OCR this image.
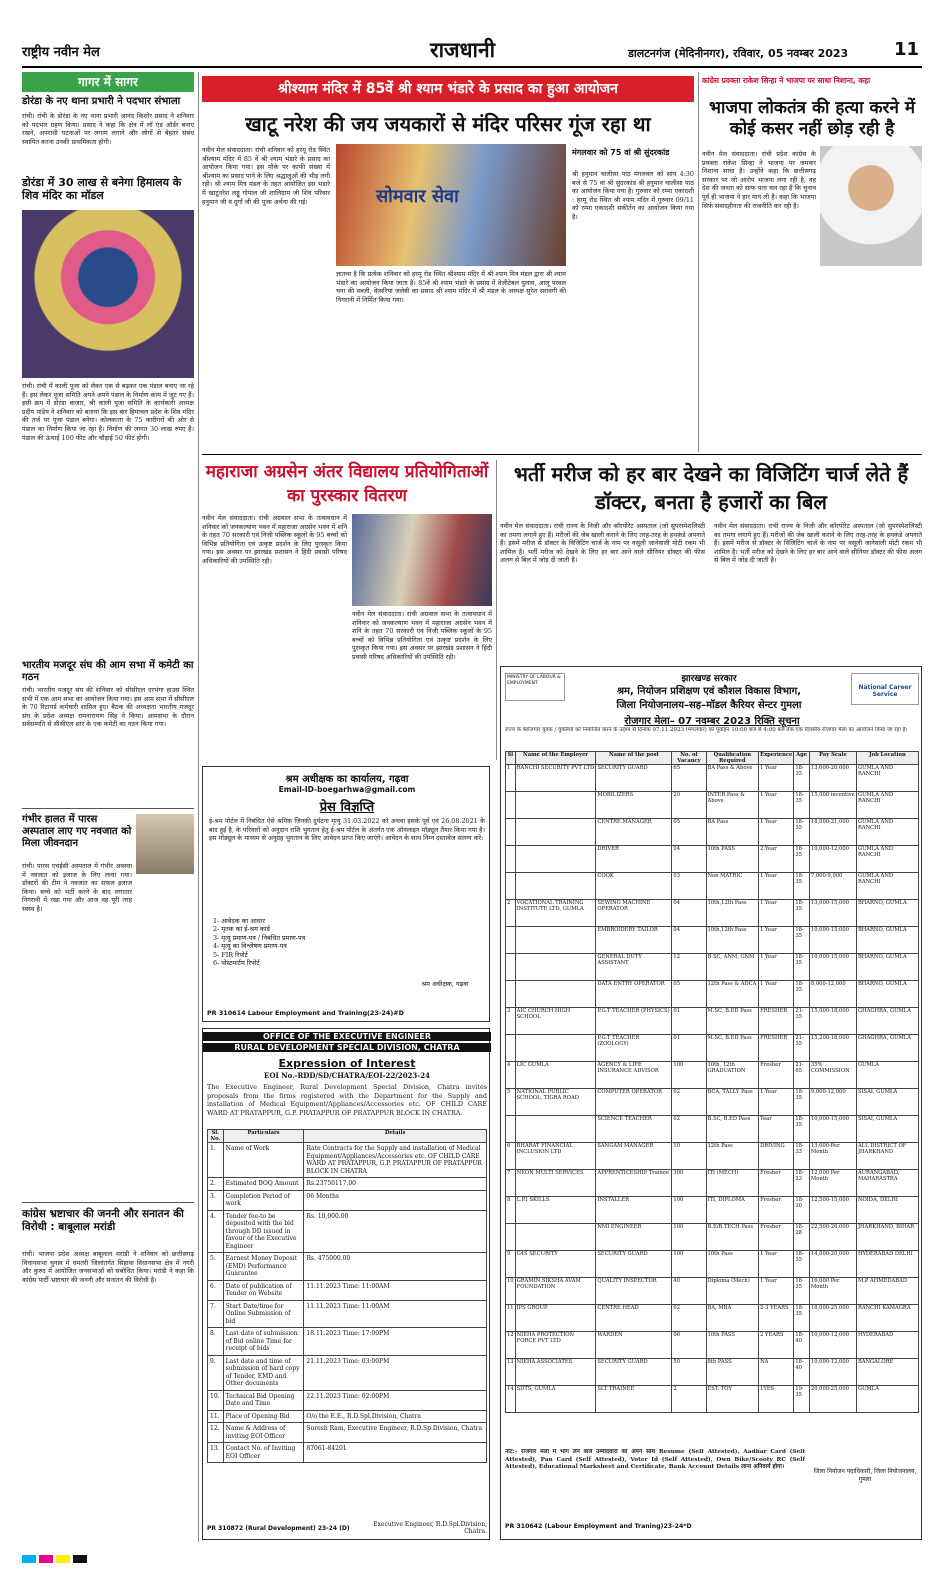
राष्ट्रीय नवीन मेल	राजधानी	डालटनगंज (मेदिनीनगर), रविवार, 05 नवम्बर 2023	11
गागर में सागर
डोरंडा के नए थाना प्रभारी ने पदभार संभाला
रांची। रांची के डोरंडा के नए थाना प्रभारी आनंद किशोर प्रसाद ने शनिवार को पदभार ग्रहण किया। प्रसाद ने कहा कि क्षेत्र में लॉ एंड ऑर्डर बनाए रखने, अपराधी घटनाओं पर लगाम लगाने और लोगों से बेहतर संबंध स्थापित करना उनकी प्राथमिकता होगी।
डोरंडा में 30 लाख से बनेगा हिमालय के शिव मंदिर का मॉडल
रांची। रांची में काली पूजा को लेकर एक से बढ़कर एक पंडाल बनाए जा रहे हैं। इस लेकर पूजा समिति अपने अपने पंडाल के निर्माण काम में जुट गए हैं। इसी क्रम में डोरंडा बाजार, श्री काली पूजा समिति के कार्यकारी अध्यक्ष प्रदीप पांडेय ने शनिवार को बताया कि इस बार हिमाचल प्रदेश के शिव मंदिर की तर्ज पर पूजा पंडाल बनेगा। कोलकाता के 75 कारीगरों की ओर से पंडाल का निर्माण किया जा रहा है। निर्माण की लागत 30 लाख रुपए है। पंडाल की ऊंचाई 100 फीट और चौड़ाई 50 फीट होगी।
भारतीय मजदूर संघ की आम सभा में कमेटी का गठन
रांची। भारतीय मजदूर संघ की शनिवार को सीसीएल दरभंगा हाउस स्थित सभी में एक आम सभा का आयोजन किया गया। इस आम सभा में सीसीएल के 70 रिटायर्ड कर्मचारी शामिल हुए। बैठक की अध्यक्षता भारतीय मजदूर संघ के प्रदेश अध्यक्ष रामनारायण सिंह ने किया। आमसभा के दौरान सर्वसम्मति से सीसीएल स्तर के एक कमेटी का गठन किया गया।
गंभीर हालत में पारस अस्पताल लाए गए नवजात को मिला जीवनदान
रांची। पारस एचईसी अस्पताल में गंभीर अवस्था में नवजात को इलाज के लिए लाया गया। डॉक्टरों की टीम ने नवजात का सफल इलाज किया। बच्चे को भर्ती करने के बाद लगातार निगरानी में रखा गया और आज वह पूरी तरह स्वस्थ है।
कांग्रेस भ्रष्टाचार की जननी और सनातन की विरोधी : बाबूलाल मरांडी
रांची। भाजपा प्रदेश अध्यक्ष बाबूलाल मरांडी ने शनिवार को छत्तीसगढ़ विधानसभा चुनाव में धमतरी जिलांतर्गत सिहावा विधानसभा क्षेत्र में नगरी और कुरुद में आयोजित जनसभाओं को संबोधित किया। मरांडी ने कहा कि कांग्रेस पार्टी भ्रष्टाचार की जननी और सनातन की विरोधी है।
श्रीश्याम मंदिर में 85वें श्री श्याम भंडारे के प्रसाद का हुआ आयोजन
खाटू नरेश की जय जयकारों से मंदिर परिसर गूंज रहा था
नवीन मेल संवाददाता। रांची शनिवार को हरमू रोड स्थित श्रीश्याम मंदिर में 85 वें श्री श्याम भंडारे के प्रसाद का आयोजन किया गया। इस मौके पर काफी संख्या में श्रीश्याम का प्रसाद पाने के लिए श्रद्धालुओं की भीड़ लगी रही। श्री श्याम मित्र मंडल के तहत आयोजित इस भंडारे में खाटूनरेश लड्डू गोपाल जी शालिग्राम जी शिव परिवार हनुमान जी व दुर्गा जी की पूजा अर्चना की गई।	सोमवार सेवा
ज्ञातव्य है कि प्रत्येक शनिवार को हरमू रोड स्थित श्रीश्याम मंदिर में श्री श्याम मित्र मंडल द्वारा श्री श्याम भंडारे का आयोजन किया जाता है। 85वें श्री श्याम भंडारे के प्रसाद में वेजीटेबल पुलाव, आलू परवल चना की सब्जी, केसरिया जलेबी का प्रसाद श्री श्याम मंदिर में श्री मंडल के अध्यक्ष सुरेश सरावगी की निगरानी में निर्मित किया गया।
मंगलवार को 75 वां श्री सुंदरकांड
श्री हनुमान चालीसा पाठ मंगलवार को सांय 4:30 बजे से 75 वां श्री सुंदरकांड श्री हनुमान चालीसा पाठ का आयोजन किया गया है। गुरुवार को रम्भा एकादशी : हरमू रोड स्थित श्री श्याम मंदिर में गुरुवार 09/11 को रम्भा एकादशी संकीर्तन का आयोजन किया गया है।
कांग्रेस प्रवक्ता राकेश सिन्हा ने भाजपा पर साधा निशाना, कहा
भाजपा लोकतंत्र की हत्या करने में कोई कसर नहीं छोड़ रही है
नवीन मेल संवाददाता। रांची प्रदेश कांग्रेस के प्रवक्ता राकेश सिन्हा ने भाजपा पर जमकर निशाना साधा है। उन्होंने कहा कि छत्तीसगढ़ सरकार पर जो आरोप भाजपा लगा रही है, वह देश की जनता को साफ पता चल रहा है कि चुनाव पूर्व ही भाजपा ने हार मान ली है। कहा कि भाजपा सिर्फ संवादहीनता की राजनीति कर रही है।
महाराजा अग्रसेन अंतर विद्यालय प्रतियोगिताओं का पुरस्कार वितरण
नवीन मेल संवाददाता। रांची अग्रवाल सभा के तत्वावधान में शनिवार को जनकल्याण भवन में महाराजा अग्रसेन भवन में शनि के तहत 70 सरकारी एवं निजी पब्लिक स्कूलों के 95 बच्चों को विभिन्न प्रतियोगिता एवं उत्कृष्ट प्रदर्शन के लिए पुरस्कृत किया गया। इस अवसर पर झारखंड प्रशासन ने हिंदी प्रवासी परिषद अधिकारियों की उपस्थिति रही।
नवीन मेल संवाददाता। रांची अग्रवाल सभा के तत्वावधान में शनिवार को जनकल्याण भवन में महाराजा अग्रसेन भवन में शनि के तहत 70 सरकारी एवं निजी पब्लिक स्कूलों के 95 बच्चों को विभिन्न प्रतियोगिता एवं उत्कृष्ट प्रदर्शन के लिए पुरस्कृत किया गया। इस अवसर पर झारखंड प्रशासन ने हिंदी प्रवासी परिषद अधिकारियों की उपस्थिति रही।
भर्ती मरीज को हर बार देखने का विजिटिंग चार्ज लेते हैं डॉक्टर, बनता है हजारों का बिल
नवीन मेल संवाददाता। रांची राज्य के निजी और कॉरपोरेट अस्पताल (जो सुपरस्पेशलिस्टी का तमगा लगाये हुए हैं) मरीजों की जेब खाली कराने के लिए तरह-तरह के हथकंडे अपनाते हैं। इसमें मरीज से डॉक्टर के विजिटिंग चार्ज के नाम पर वसूली जानेवाली मोटी रकम भी शामिल है। भर्ती मरीज को देखने के लिए हर बार आने वाले सीनियर डॉक्टर की फीस अलग से बिल में जोड़ दी जाती है।
नवीन मेल संवाददाता। रांची राज्य के निजी और कॉरपोरेट अस्पताल (जो सुपरस्पेशलिस्टी का तमगा लगाये हुए हैं) मरीजों की जेब खाली कराने के लिए तरह-तरह के हथकंडे अपनाते हैं। इसमें मरीज से डॉक्टर के विजिटिंग चार्ज के नाम पर वसूली जानेवाली मोटी रकम भी शामिल है। भर्ती मरीज को देखने के लिए हर बार आने वाले सीनियर डॉक्टर की फीस अलग से बिल में जोड़ दी जाती है।
श्रम अधीक्षक का कार्यालय, गढ़वा
Email-ID-boegarhwa@gmail.com
प्रेस विज्ञप्ति
ई-श्रम पोर्टल में निबंधित ऐसे श्रमिक जिनकी दुर्घटना मृत्यु 31.03.2022 को अथवा इसके पूर्व एवं 26.08.2021 के बाद हुई है, के परिवारों को अनुदान राशि भुगतान हेतु ई-श्रम पोर्टल के अंतर्गत एक ऑनलाइन मॉड्यूल तैयार किया गया है। इस मॉड्यूल के माध्यम से अनुग्रह भुगतान के लिए आवेदन प्राप्त किए जाएंगे। आवेदन के साथ निम्न दस्तावेज संलग्न करें:
1- आवेदक का आधार
2- मृतक का ई-श्रम कार्ड
3- मृत्यु प्रमाण-पत्र / निबंधित प्रमाण-पत्र
4- मृत्यु का विश्लेषण प्रमाण-पत्र
5- FIR रिपोर्ट
6- पोस्टमार्टम रिपोर्ट
श्रम अधीक्षक, गढ़वा
PR 310614 Labour Employment and Training(23-24)#D
OFFICE OF THE EXECUTIVE ENGINEER
RURAL DEVELOPMENT SPECIAL DIVISION, CHATRA
Expression of Interest
EOI No.-RDD/SD/CHATRA/EOI-22/2023-24
The Executive Engineer, Rural Development Special Division, Chatra invites proposals from the firms registered with the Department for the Supply and installation of Medical Equipment/Appliances/Accessories etc. OF CHILD CARE WARD AT PRATAPPUR, G.P. PRATAPPUR OF PRATAPPUR BLOCK IN CHATRA.
Sl. No.	Particulars	Details
1.	Name of Work	Rate Contracts for the Supply and installation of Medical Equipment/Appliances/Accessories etc. OF CHILD CARE WARD AT PRATAPPUR, G.P. PRATAPPUR OF PRATAPPUR BLOCK IN CHATRA
2.	Estimated BOQ Amount	Rs.23750117.00
3.	Completion Period of work	06 Months
4.	Tender fee-to be deposited with the bid through DD issued in favour of the Executive Engineer	Rs. 10,000.00
5.	Earnest Money Deposit (EMD) Performance Guarantee	Rs. 475000.00
6.	Date of publication of Tender on Website	11.11.2023 Time: 11:00AM
7.	Start Date/time for Online Submission of bid	11.11.2023 Time: 11:00AM
8.	Last date of submission of Bid online Time for receipt of bids	18.11.2023 Time: 17:00PM
9.	Last date and time of submission of hard copy of Tender, EMD and Other documents	21.11.2023 Time: 03:00PM
10.	Technical Bid Opening Date and Time	22.11.2023 Time: 02:00PM
11.	Place of Opening Bid	O/o the E.E., R.D.Spl.Division, Chatra
12.	Name & Address of inviting EOI Officer	Suresh Ram, Executive Engineer, R.D.Sp.Division, Chatra
13.	Contact No. of Inviting EOI Officer	87061-84201
PR 310872 (Rural Development) 23-24 (D)
Executive Engineer, R.D.Spl.Division, Chatra.
MINISTRY OF LABOUR & EMPLOYMENT	झारखण्ड सरकार
श्रम, नियोजन प्रशिक्षण एवं कौशल विकास विभाग,
जिला नियोजनालय–सह–मॉडल कैरियर सेन्टर गुमला
National Career Service
रोजगार मेला– 07 नवम्बर 2023 रिक्ति सूचना
राज्य के बेरोजगार युवक / युवतियों को नियोजित करने के उद्देश्य से दिनांक 07.11.2023 (मंगलवार) को पूर्वाहन 10:00 बजे से 4:00 बजे तक एक दिवसीय रोजगार मेला का आयोजन किया जा रहा है।
Sl	Name of the Employer	Name of the post	No. of Vacancy	Qualification Required	Experience	Age	Pay Scale	Job Location
1	RANCHI SECURITY PVT LTD	SECURITY GUARD	65	BA Pass & Above	1 Year	18-35	13,000-20,000	GUMLA AND RANCHI
		MOBILIZERS	20	INTER Pass & Above	1 Year	18-35	15,000 incentive	GUMLA AND RANCHI
		CENTRE MANAGER	05	BA Pass	1 Year	18-35	18,000-21,000	GUMLA AND RANCHI
		DRIVER	04	10th PASS	2 Year	18-35	10,000-12,000	GUMLA AND RANCHI
		COOK	03	Non MATRIC	1 Year	18-35	7,000-9,000	GUMLA AND RANCHI
2	VOCATIONAL TRAINING INSTITUTE LTD, GUMLA	SEWING MACHINE OPERATOR	04	10th,12th Pass	1 Year	18-35	13,000-15,000	BHARNO, GUMLA
		EMBROIDERY TAILOR	04	10th,12th Pass	1 Year	18-35	10,000-15,000	BHARNO, GUMLA
		GENERAL DUTY ASSISTANT	12	B.SC, ANM, GNM	1 Year	18-35	10,000-15,000	BHARNO, GUMLA
		DATA ENTRY OPERATOR	05	12th Pass & ADCA	1 Year	18-35	8,000-12,000	BHARNO, GUMLA
3	AIC CHURCH HIGH SCHOOL	P.G.T TEACHER (PHYSICS)	01	M.SC, B.ED Pass	FRESHER	21-35	15,000-18,000	GHAGHRA, GUMLA
		P.G.T TEACHER (ZOOLOGY)	01	M.SC, B.ED Pass	FRESHER	21-35	15,200-18,000	GHAGHRA, GUMLA
4	LIC GUMLA	AGENCY & LIFE INSURANCE ADVISOR	100	10th, 12th GRADUATION	Fresher	21-65	35% COMMISSION	GUMLA
5	NATIONAL PUBLIC SCHOOL, TIGRA ROAD	COMPUTER OPERATOR	02	BCA, TALLY Pass	1 Year	18-35	9,000-12,000	SISAI, GUMLA
		SCIENCE TEACHER	02	B.SC, B.ED Pass	Year	18-35	10,000-15,000	SISAI, GUMLA
6	BHARAT FINANCIAL INCLUSION LTD	SANGAM MANAGER	10	12th Pass	DRIVING	18-33	13,000-Per Month	ALL DISTRICT OF JHARKHAND
7	NEON MULTI SERVICES	APPRENTICESHIP Trainee	300	ITI (MECH)	Fresher	18-23	12,000 Per Month	AURANGABAD, MAHARASTRA
8	L.P.I SKILLS	INSTALLER	100	ITI, DIPLOMA	Fresher	18-30	12,500-15,000	NOIDA, DELHI
		NMI ENGINEER	100	B.E/B.TECH Pass	Fresher	18-28	22,500-26,000	JHARKHAND, BIHAR
9	G4S SECURITY	SECURITY GUARD	100	10th Pass	1 Year	18-35	14,000-20,000	HYDERABAD DELHI
10	GRAMIN SIKSHA AVAM FOUNDATION	QUALITY INSPECTOR	40	Diploma (Mech)	1 Year	18-35	16,000 Per Month	M.P AHMEDABAD
11	IPS GROUP	CENTRE HEAD	02	BA, MBA	2-3 YEARS	18-35	18,000-25,000	RANCHI KAMAGRA
12	NIEHA PROTECTION FORCE PVT LTD	WARDEN	06	10th PASS	2 YEARS	18-40	10,000-12,000	HYDERABAD
13	NIEHA ASSOCIATES	SECURITY GUARD	50	8th PASS	NA	18-40	10,000-12,000	BANGALORE
14	SDTS, GUMLA	SLT TRAINEE	2	EST. TOY	1YES	19-35	20,000-25,000	GUMLA
नोट:- रोजगार मेला में भाग लेने वाले उम्मीदवारों को अपने साथ Resume (Self Attested), Aadhar Card (Self Attested), Pan Card (Self Attested), Voter Id (Self Attested), Own Bike/Scooty RC (Self Attested), Educational Marksheet and Certificate, Bank Account Details लाना अनिवार्य होगा।
जिला नियोजन पदाधिकारी, जिला नियोजनालय, गुमला
PR 310642 (Labour Employment and Traning)23-24*D
